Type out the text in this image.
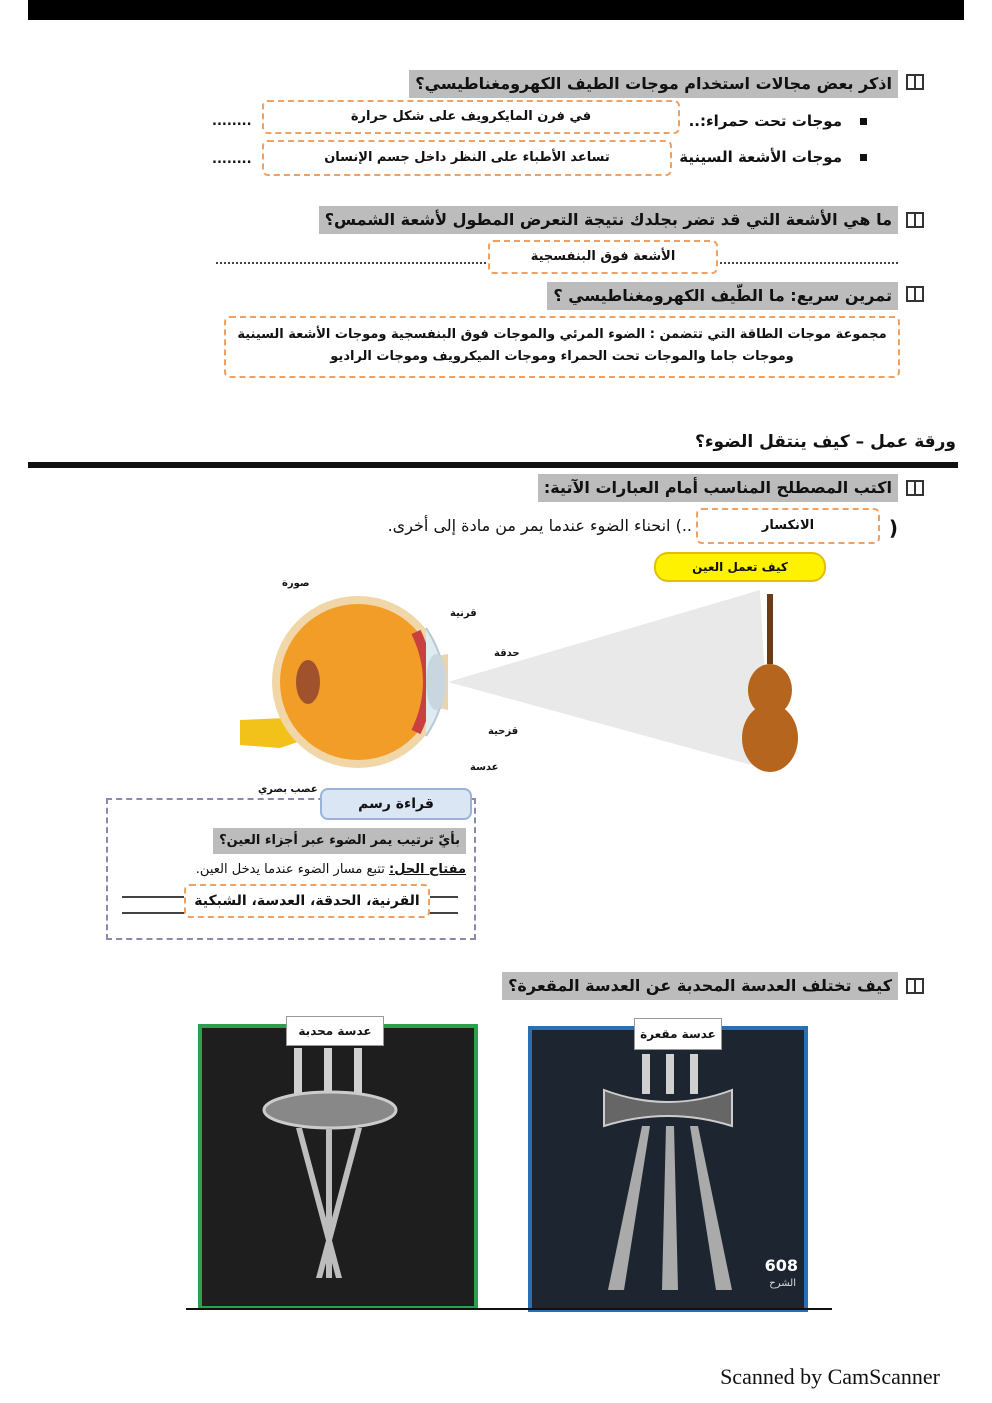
اذكر بعض مجالات استخدام موجات الطيف الكهرومغناطيسي؟
موجات تحت حمراء:..
في فرن المايكرويف على شكل حرارة
........
موجات الأشعة السينية
تساعد الأطباء على النظر داخل جسم الإنسان
........
ما هي الأشعة التي قد تضر بجلدك نتيجة التعرض المطول لأشعة الشمس؟
الأشعة فوق البنفسجية
تمرين سريع: ما الطّيف الكهرومغناطيسي ؟
مجموعة موجات الطاقة التي تتضمن : الضوء المرئي والموجات فوق البنفسجية وموجات الأشعة السينية
وموجات جاما والموجات تحت الحمراء وموجات الميكرويف وموجات الراديو
ورقة عمل – كيف ينتقل الضوء؟
اكتب المصطلح المناسب أمام العبارات الآتية:
(
الانكسار
..) انحناء الضوء عندما يمر من مادة إلى أخرى.
كيف تعمل العين
صورة
قرنية
حدقة
قزحية
عدسة
عصب بصري
قراءة رسم
بأيّ ترتيب يمر الضوء عبر أجزاء العين؟
مفتاح الحل: تتبع مسار الضوء عندما يدخل العين.
القرنية، الحدقة، العدسة، الشبكية
كيف تختلف العدسة المحدبة عن العدسة المقعرة؟
عدسة محدبة
608
الشرح
عدسة مقعرة
Scanned by CamScanner
